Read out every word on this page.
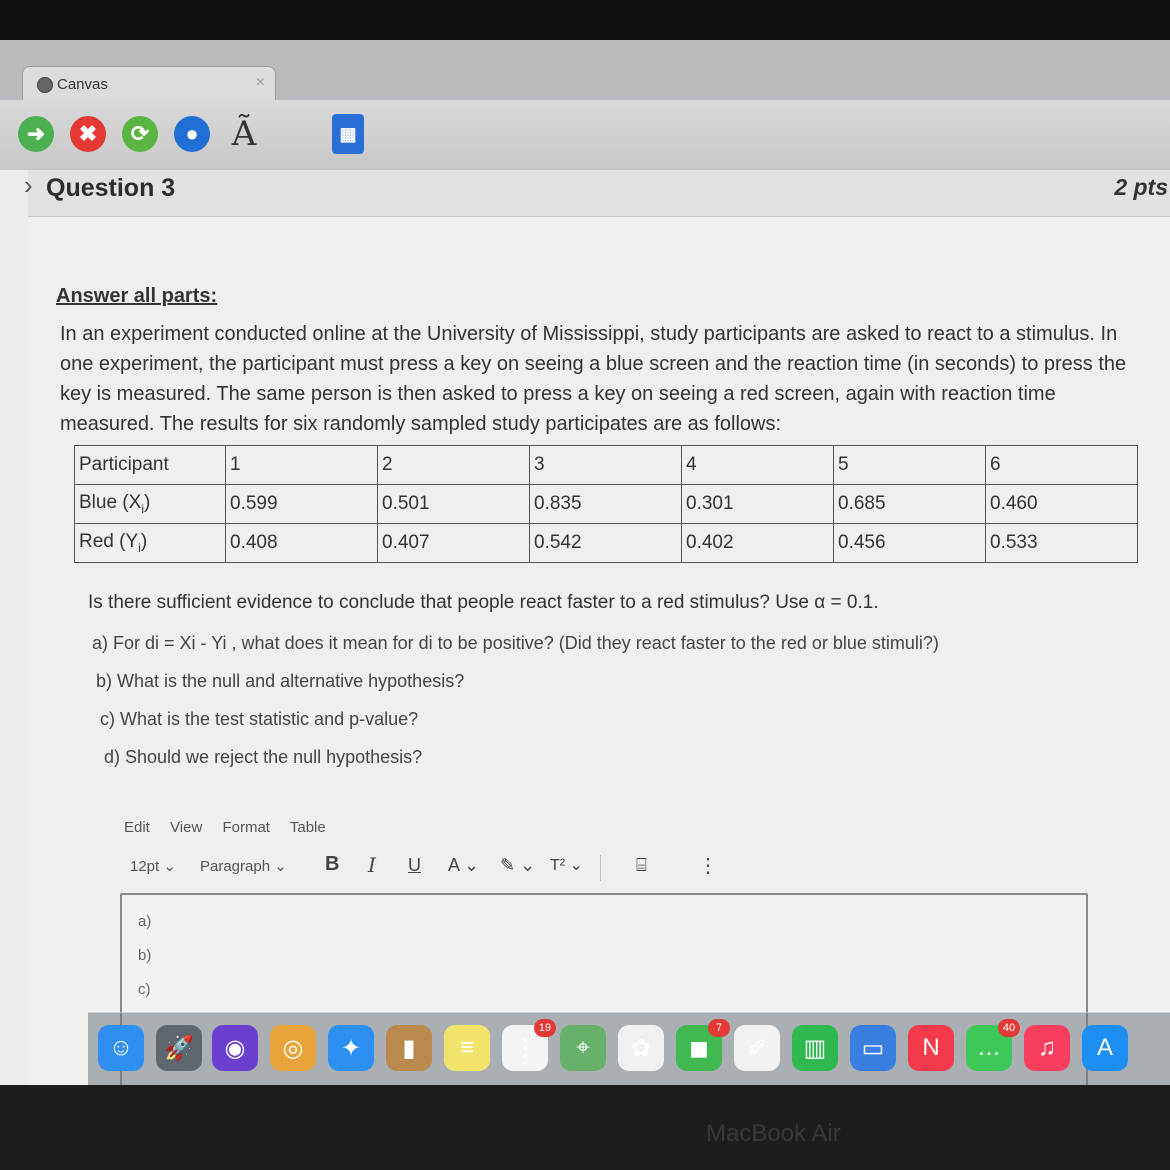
Canvas	×
➜	✖	⟳	● Ã	▦
› Question 3	2 pts
Answer all parts:
In an experiment conducted online at the University of Mississippi, study participants are asked to react to a stimulus. In one experiment, the participant must press a key on seeing a blue screen and the reaction time (in seconds) to press the key is measured. The same person is then asked to press a key on seeing a red screen, again with reaction time measured. The results for six randomly sampled study participates are as follows:
Participant	1	2	3	4	5	6
Blue $(X_i)$	0.599	0.501	0.835	0.301	0.685	0.460
Red $(Y_i)$	0.408	0.407	0.542	0.402	0.456	0.533
Is there sufficient evidence to conclude that people react faster to a red stimulus? Use α = 0.1.
a) For di = Xi - Yi , what does it mean for di to be positive? (Did they react faster to the red or blue stimuli?)
b) What is the null and alternative hypothesis?
c) What is the test statistic and p-value?
d) Should we reject the null hypothesis?
Edit View Format Table
12pt ⌄ Paragraph ⌄ B I U A ⌄ ✎ ⌄ T² ⌄	⌸	⋮
a)
b)
c)
☺	🚀	◉	◎	✦	▮	≡	⋮
19
⌖	✿	◼
7
✐	▥	▭	N	…
40
♫	A
MacBook Air
